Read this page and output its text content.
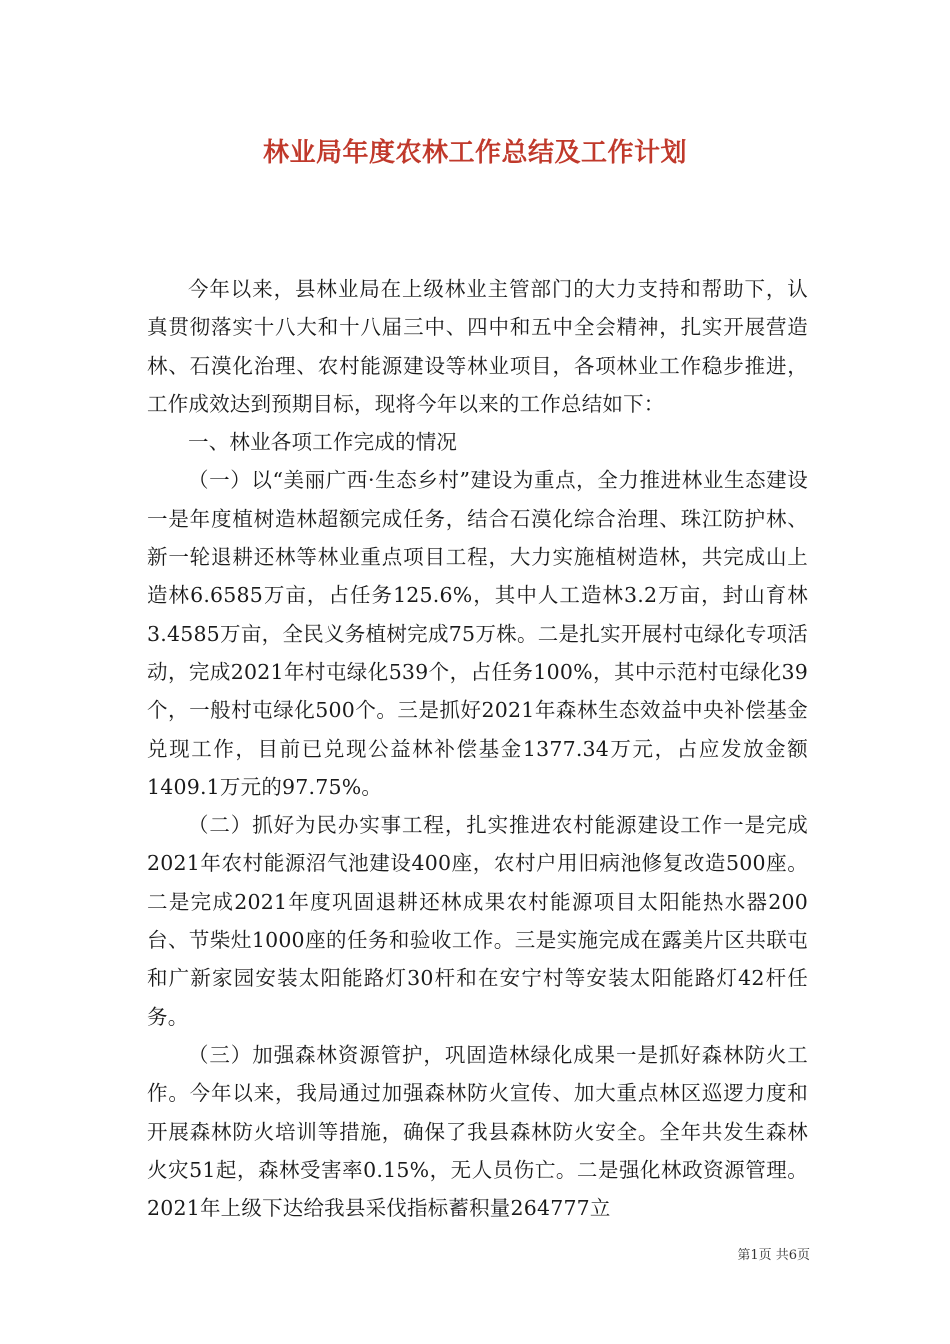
林业局年度农林工作总结及工作计划

今年以来，县林业局在上级林业主管部门的大力支持和帮助下，认真贯彻落实十八大和十八届三中、四中和五中全会精神，扎实开展营造林、石漠化治理、农村能源建设等林业项目，各项林业工作稳步推进，工作成效达到预期目标，现将今年以来的工作总结如下：

一、林业各项工作完成的情况

（一）以“美丽广西·生态乡村”建设为重点，全力推进林业生态建设一是年度植树造林超额完成任务，结合石漠化综合治理、珠江防护林、新一轮退耕还林等林业重点项目工程，大力实施植树造林，共完成山上造林6.6585万亩，占任务125.6%，其中人工造林3.2万亩，封山育林3.4585万亩，全民义务植树完成75万株。二是扎实开展村屯绿化专项活动，完成2021年村屯绿化539个，占任务100%，其中示范村屯绿化39个，一般村屯绿化500个。三是抓好2021年森林生态效益中央补偿基金兑现工作，目前已兑现公益林补偿基金1377.34万元，占应发放金额1409.1万元的97.75%。

（二）抓好为民办实事工程，扎实推进农村能源建设工作一是完成2021年农村能源沼气池建设400座，农村户用旧病池修复改造500座。二是完成2021年度巩固退耕还林成果农村能源项目太阳能热水器200台、节柴灶1000座的任务和验收工作。三是实施完成在露美片区共联屯和广新家园安装太阳能路灯30杆和在安宁村等安装太阳能路灯42杆任务。

（三）加强森林资源管护，巩固造林绿化成果一是抓好森林防火工作。今年以来，我局通过加强森林防火宣传、加大重点林区巡逻力度和开展森林防火培训等措施，确保了我县森林防火安全。全年共发生森林火灾51起，森林受害率0.15%，无人员伤亡。二是强化林政资源管理。2021年上级下达给我县采伐指标蓄积量264777立

第1页 共6页
